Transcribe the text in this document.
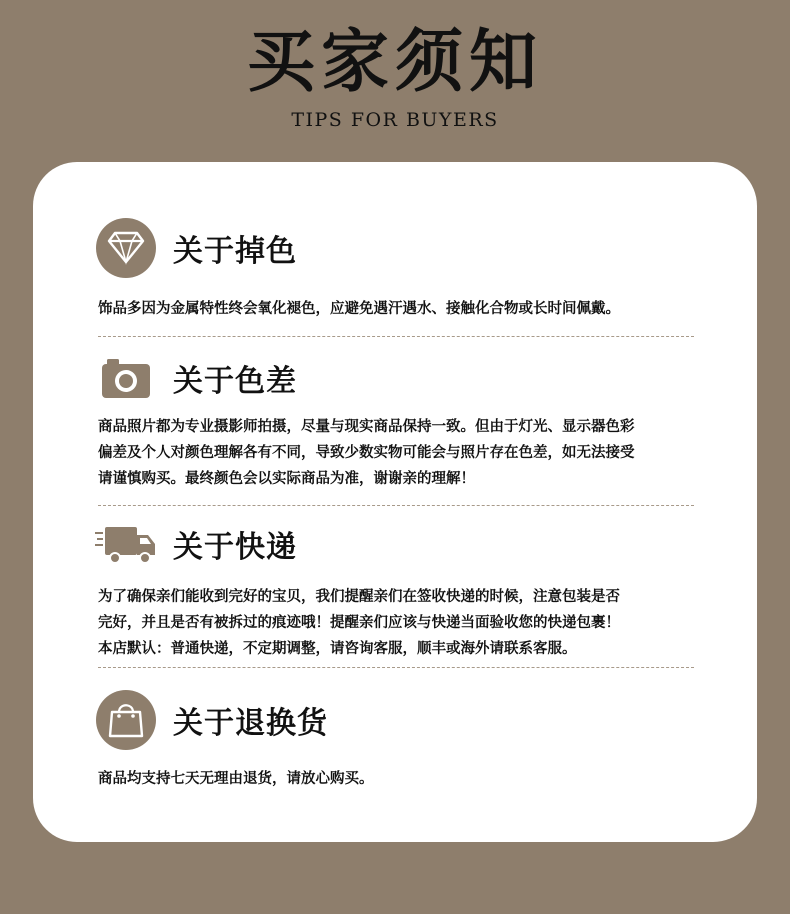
买家须知
TIPS FOR BUYERS
关于掉色
饰品多因为金属特性终会氧化褪色，应避免遇汗遇水、接触化合物或长时间佩戴。
关于色差
商品照片都为专业摄影师拍摄，尽量与现实商品保持一致。但由于灯光、显示器色彩
偏差及个人对颜色理解各有不同，导致少数实物可能会与照片存在色差，如无法接受
请谨慎购买。最终颜色会以实际商品为准，谢谢亲的理解！
关于快递
为了确保亲们能收到完好的宝贝，我们提醒亲们在签收快递的时候，注意包装是否
完好，并且是否有被拆过的痕迹哦！提醒亲们应该与快递当面验收您的快递包裹！
本店默认：普通快递，不定期调整，请咨询客服，顺丰或海外请联系客服。
关于退换货
商品均支持七天无理由退货，请放心购买。
